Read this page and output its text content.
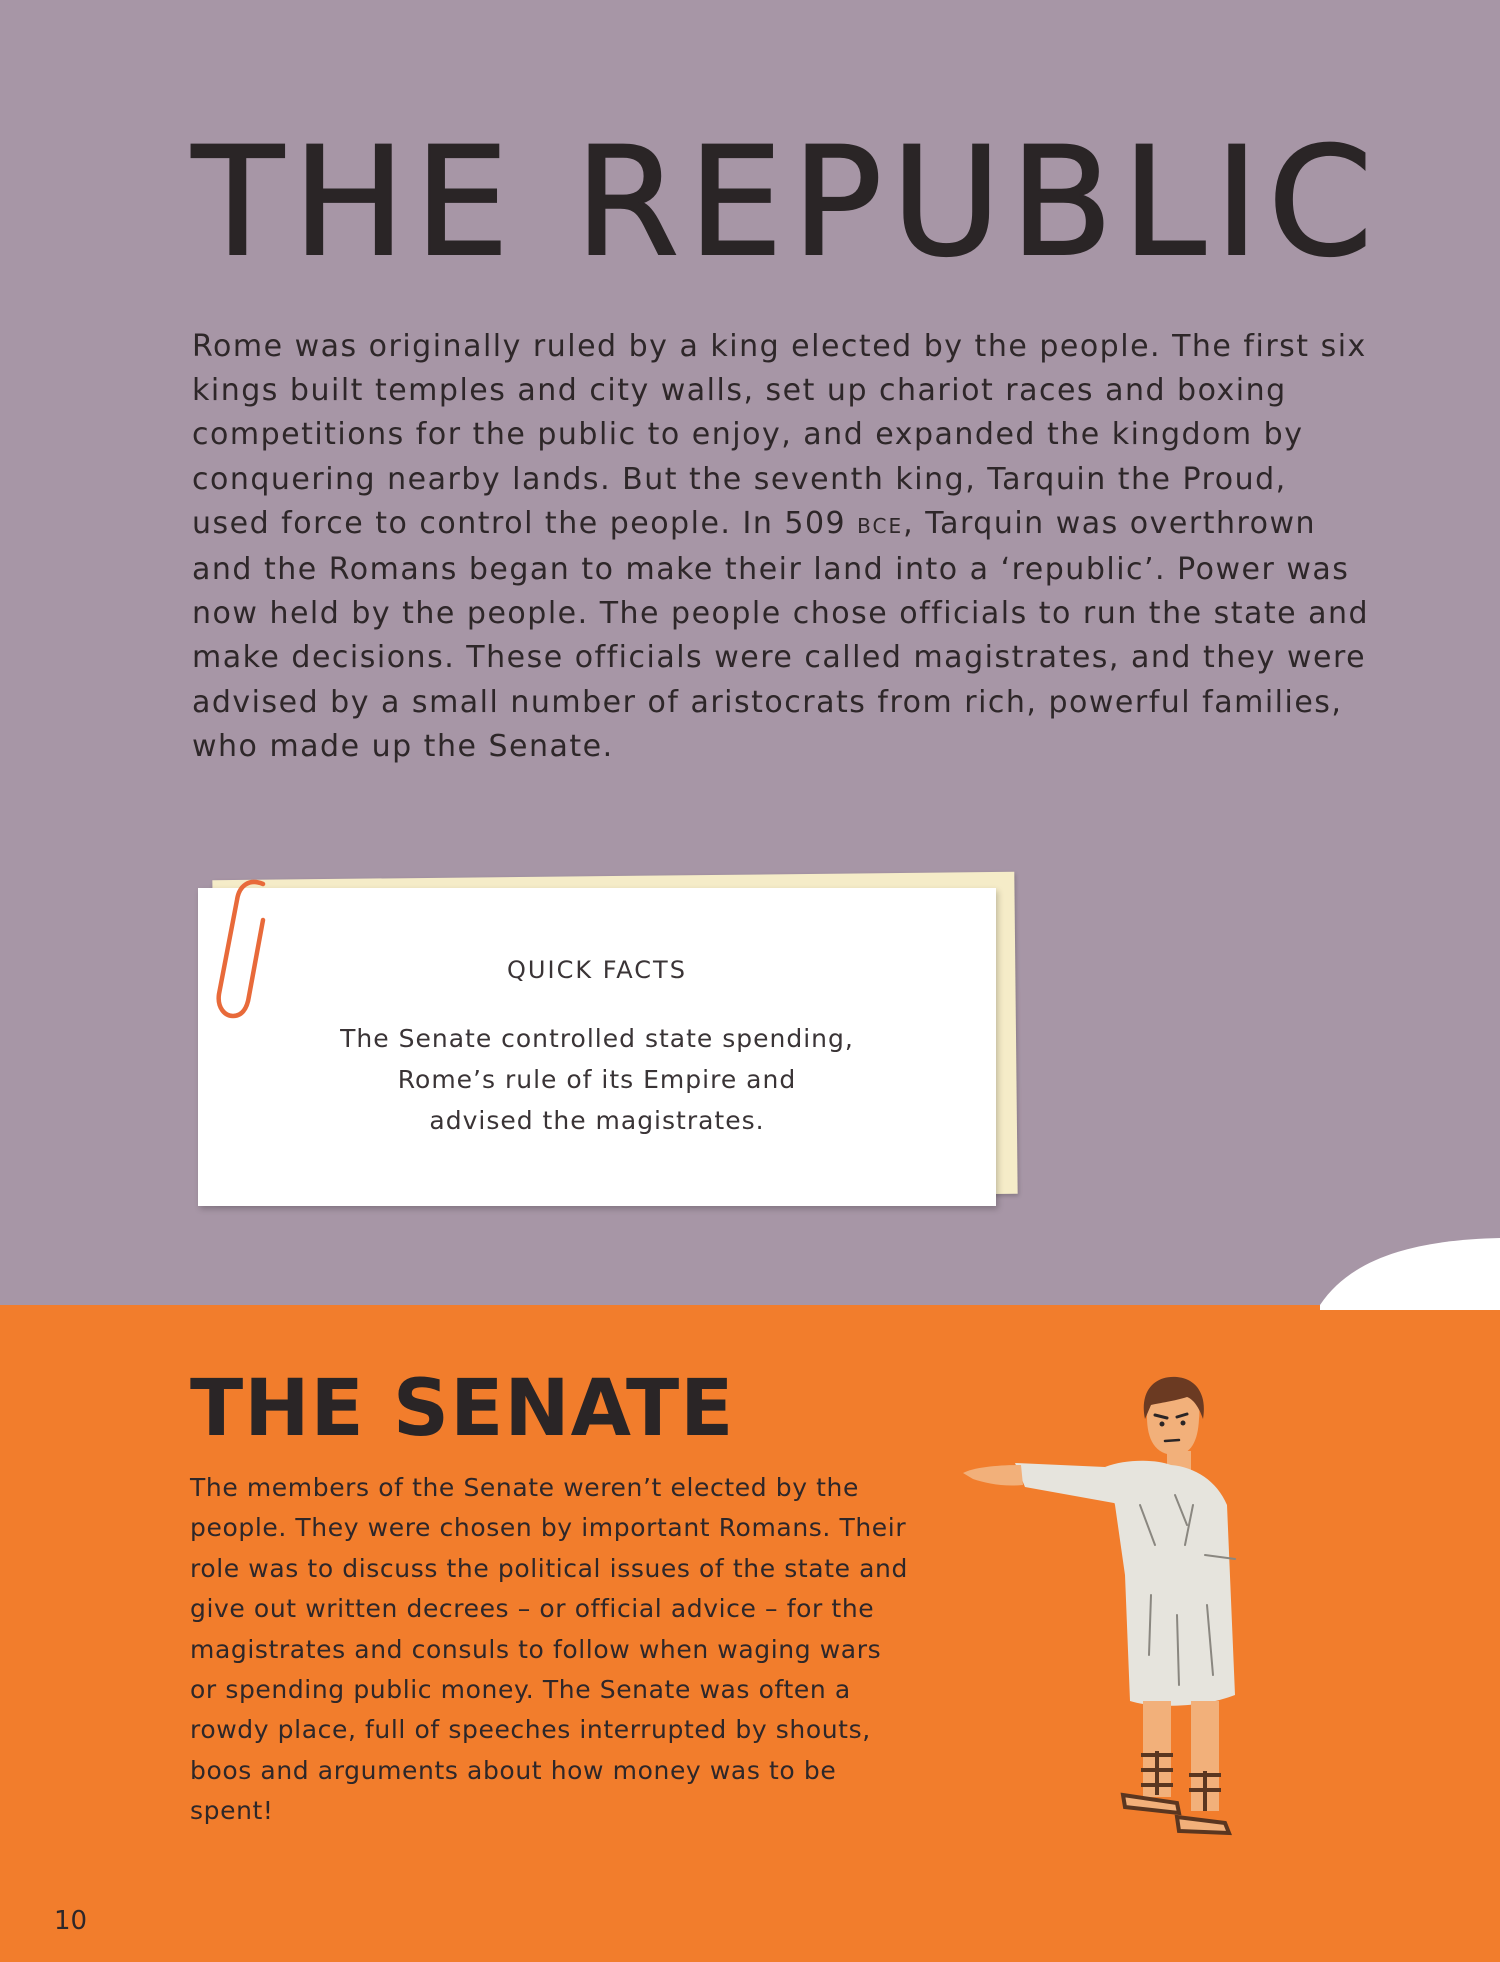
THE REPUBLIC

Rome was originally ruled by a king elected by the people. The first six kings built temples and city walls, set up chariot races and boxing competitions for the public to enjoy, and expanded the kingdom by conquering nearby lands. But the seventh king, Tarquin the Proud, used force to control the people. In 509 BCE, Tarquin was overthrown and the Romans began to make their land into a ‘republic’. Power was now held by the people. The people chose officials to run the state and make decisions. These officials were called magistrates, and they were advised by a small number of aristocrats from rich, powerful families, who made up the Senate.

QUICK FACTS

The Senate controlled state spending,
Rome’s rule of its Empire and
advised the magistrates.

THE SENATE

The members of the Senate weren’t elected by the people. They were chosen by important Romans. Their role was to discuss the political issues of the state and give out written decrees – or official advice – for the magistrates and consuls to follow when waging wars or spending public money. The Senate was often a rowdy place, full of speeches interrupted by shouts, boos and arguments about how money was to be spent!

10
